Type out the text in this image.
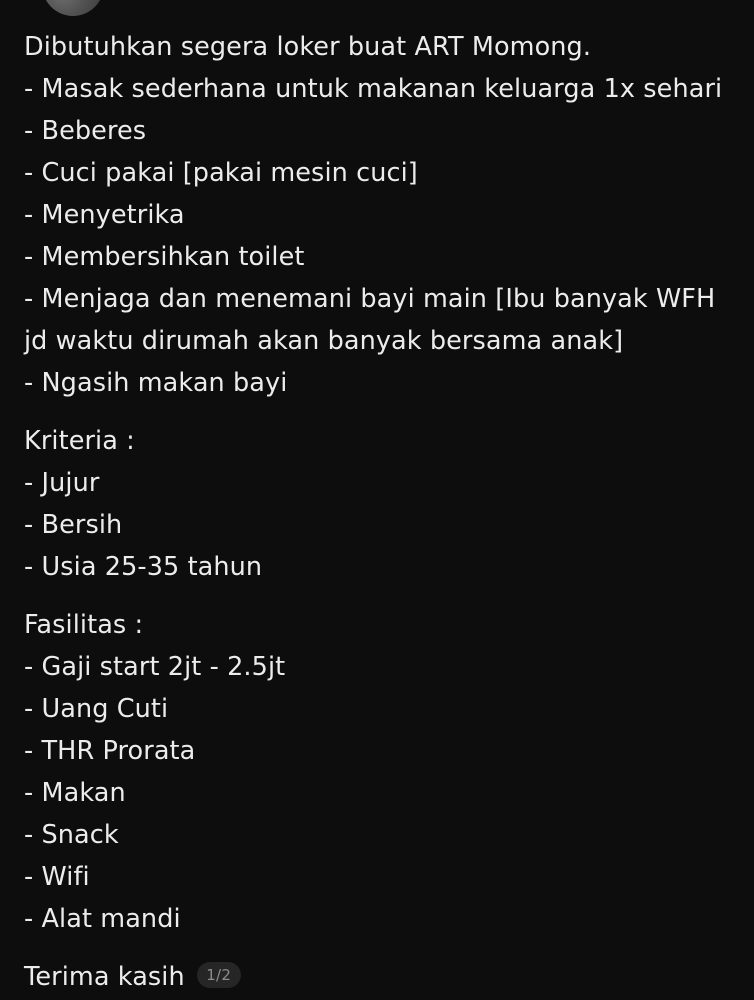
Dibutuhkan segera loker buat ART Momong.
- Masak sederhana untuk makanan keluarga 1x sehari
- Beberes
- Cuci pakai [pakai mesin cuci]
- Menyetrika
- Membersihkan toilet
- Menjaga dan menemani bayi main [Ibu banyak WFH jd waktu dirumah akan banyak bersama anak]
- Ngasih makan bayi
Kriteria :
- Jujur
- Bersih
- Usia 25-35 tahun
Fasilitas :
- Gaji start 2jt - 2.5jt
- Uang Cuti
- THR Prorata
- Makan
- Snack
- Wifi
- Alat mandi
Terima kasih	1/2
